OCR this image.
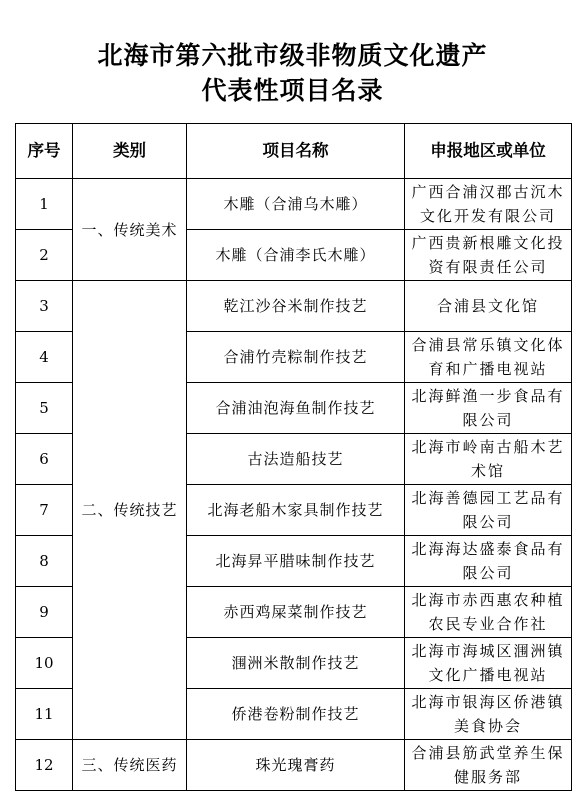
北海市第六批市级非物质文化遗产
代表性项目名录
序号	类别	项目名称	申报地区或单位
1	一、传统美术	木雕（合浦乌木雕）	广西合浦汉郡古沉木文化开发有限公司
2		木雕（合浦李氏木雕）	广西贵新根雕文化投资有限责任公司
3	二、传统技艺	乾江沙谷米制作技艺	合浦县文化馆
4		合浦竹壳粽制作技艺	合浦县常乐镇文化体育和广播电视站
5		合浦油泡海鱼制作技艺	北海鲜渔一步食品有限公司
6		古法造船技艺	北海市岭南古船木艺术馆
7		北海老船木家具制作技艺	北海善德园工艺品有限公司
8		北海昇平腊味制作技艺	北海海达盛泰食品有限公司
9		赤西鸡屎菜制作技艺	北海市赤西惠农种植农民专业合作社
10		涠洲米散制作技艺	北海市海城区涠洲镇文化广播电视站
11		侨港卷粉制作技艺	北海市银海区侨港镇美食协会
12	三、传统医药	珠光瑰膏药	合浦县筋武堂养生保健服务部
